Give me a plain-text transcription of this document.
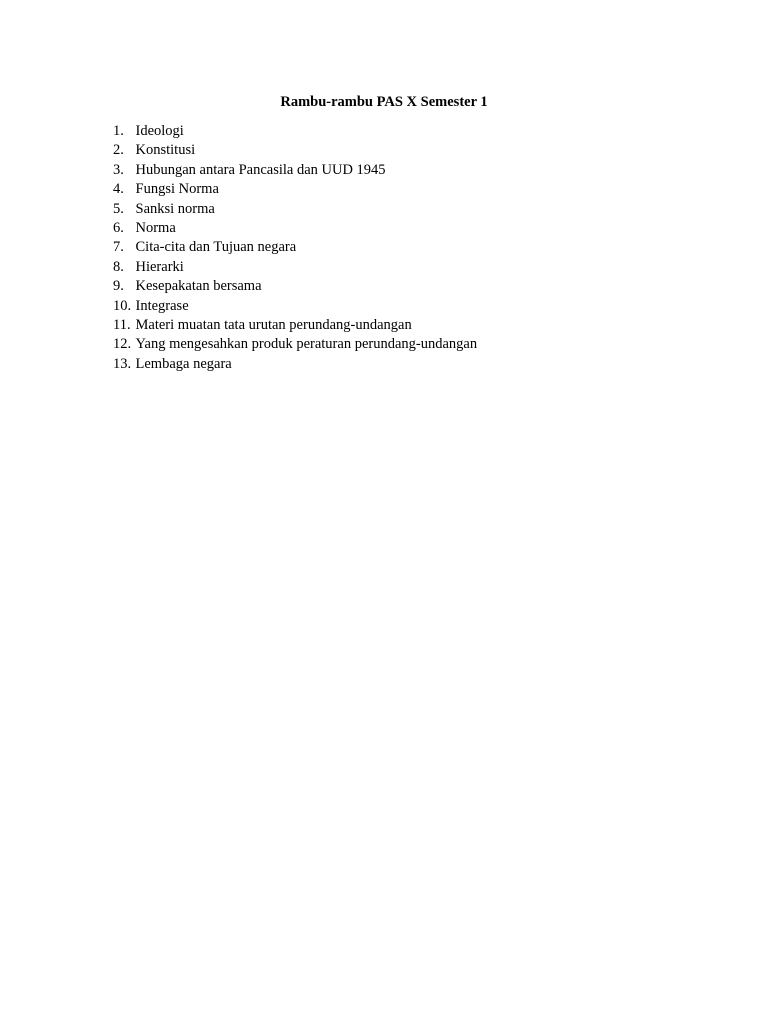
Rambu-rambu PAS X Semester 1
1. Ideologi
2. Konstitusi
3. Hubungan antara Pancasila dan UUD 1945
4. Fungsi Norma
5. Sanksi norma
6. Norma
7. Cita-cita dan Tujuan negara
8. Hierarki
9. Kesepakatan bersama
10. Integrase
11. Materi muatan tata urutan perundang-undangan
12. Yang mengesahkan produk peraturan perundang-undangan
13. Lembaga negara
